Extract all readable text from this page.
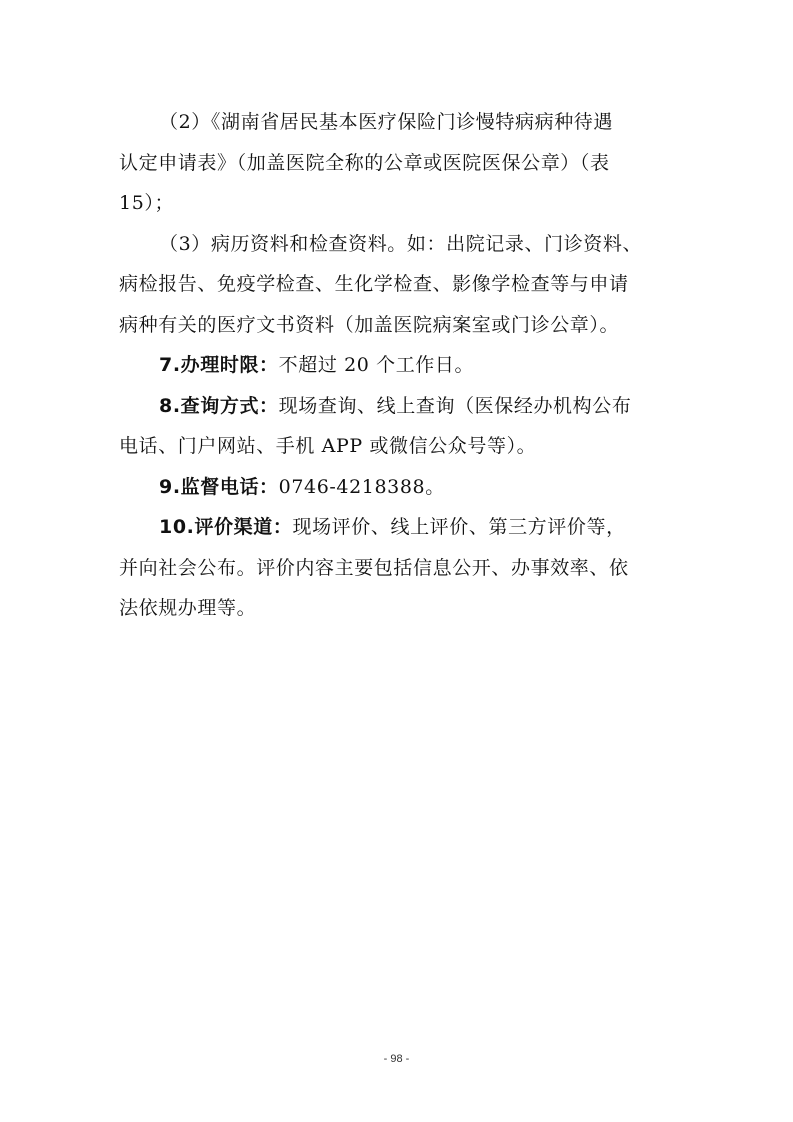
（2）《湖南省居民基本医疗保险门诊慢特病病种待遇
认定申请表》（加盖医院全称的公章或医院医保公章）（表
15）；
（3）病历资料和检查资料。如：出院记录、门诊资料、
病检报告、免疫学检查、生化学检查、影像学检查等与申请
病种有关的医疗文书资料（加盖医院病案室或门诊公章）。
7.办理时限：不超过 20 个工作日。
8.查询方式：现场查询、线上查询（医保经办机构公布
电话、门户网站、手机 APP 或微信公众号等）。
9.监督电话：0746-4218388。
10.评价渠道：现场评价、线上评价、第三方评价等，
并向社会公布。评价内容主要包括信息公开、办事效率、依
法依规办理等。
- 98 -
